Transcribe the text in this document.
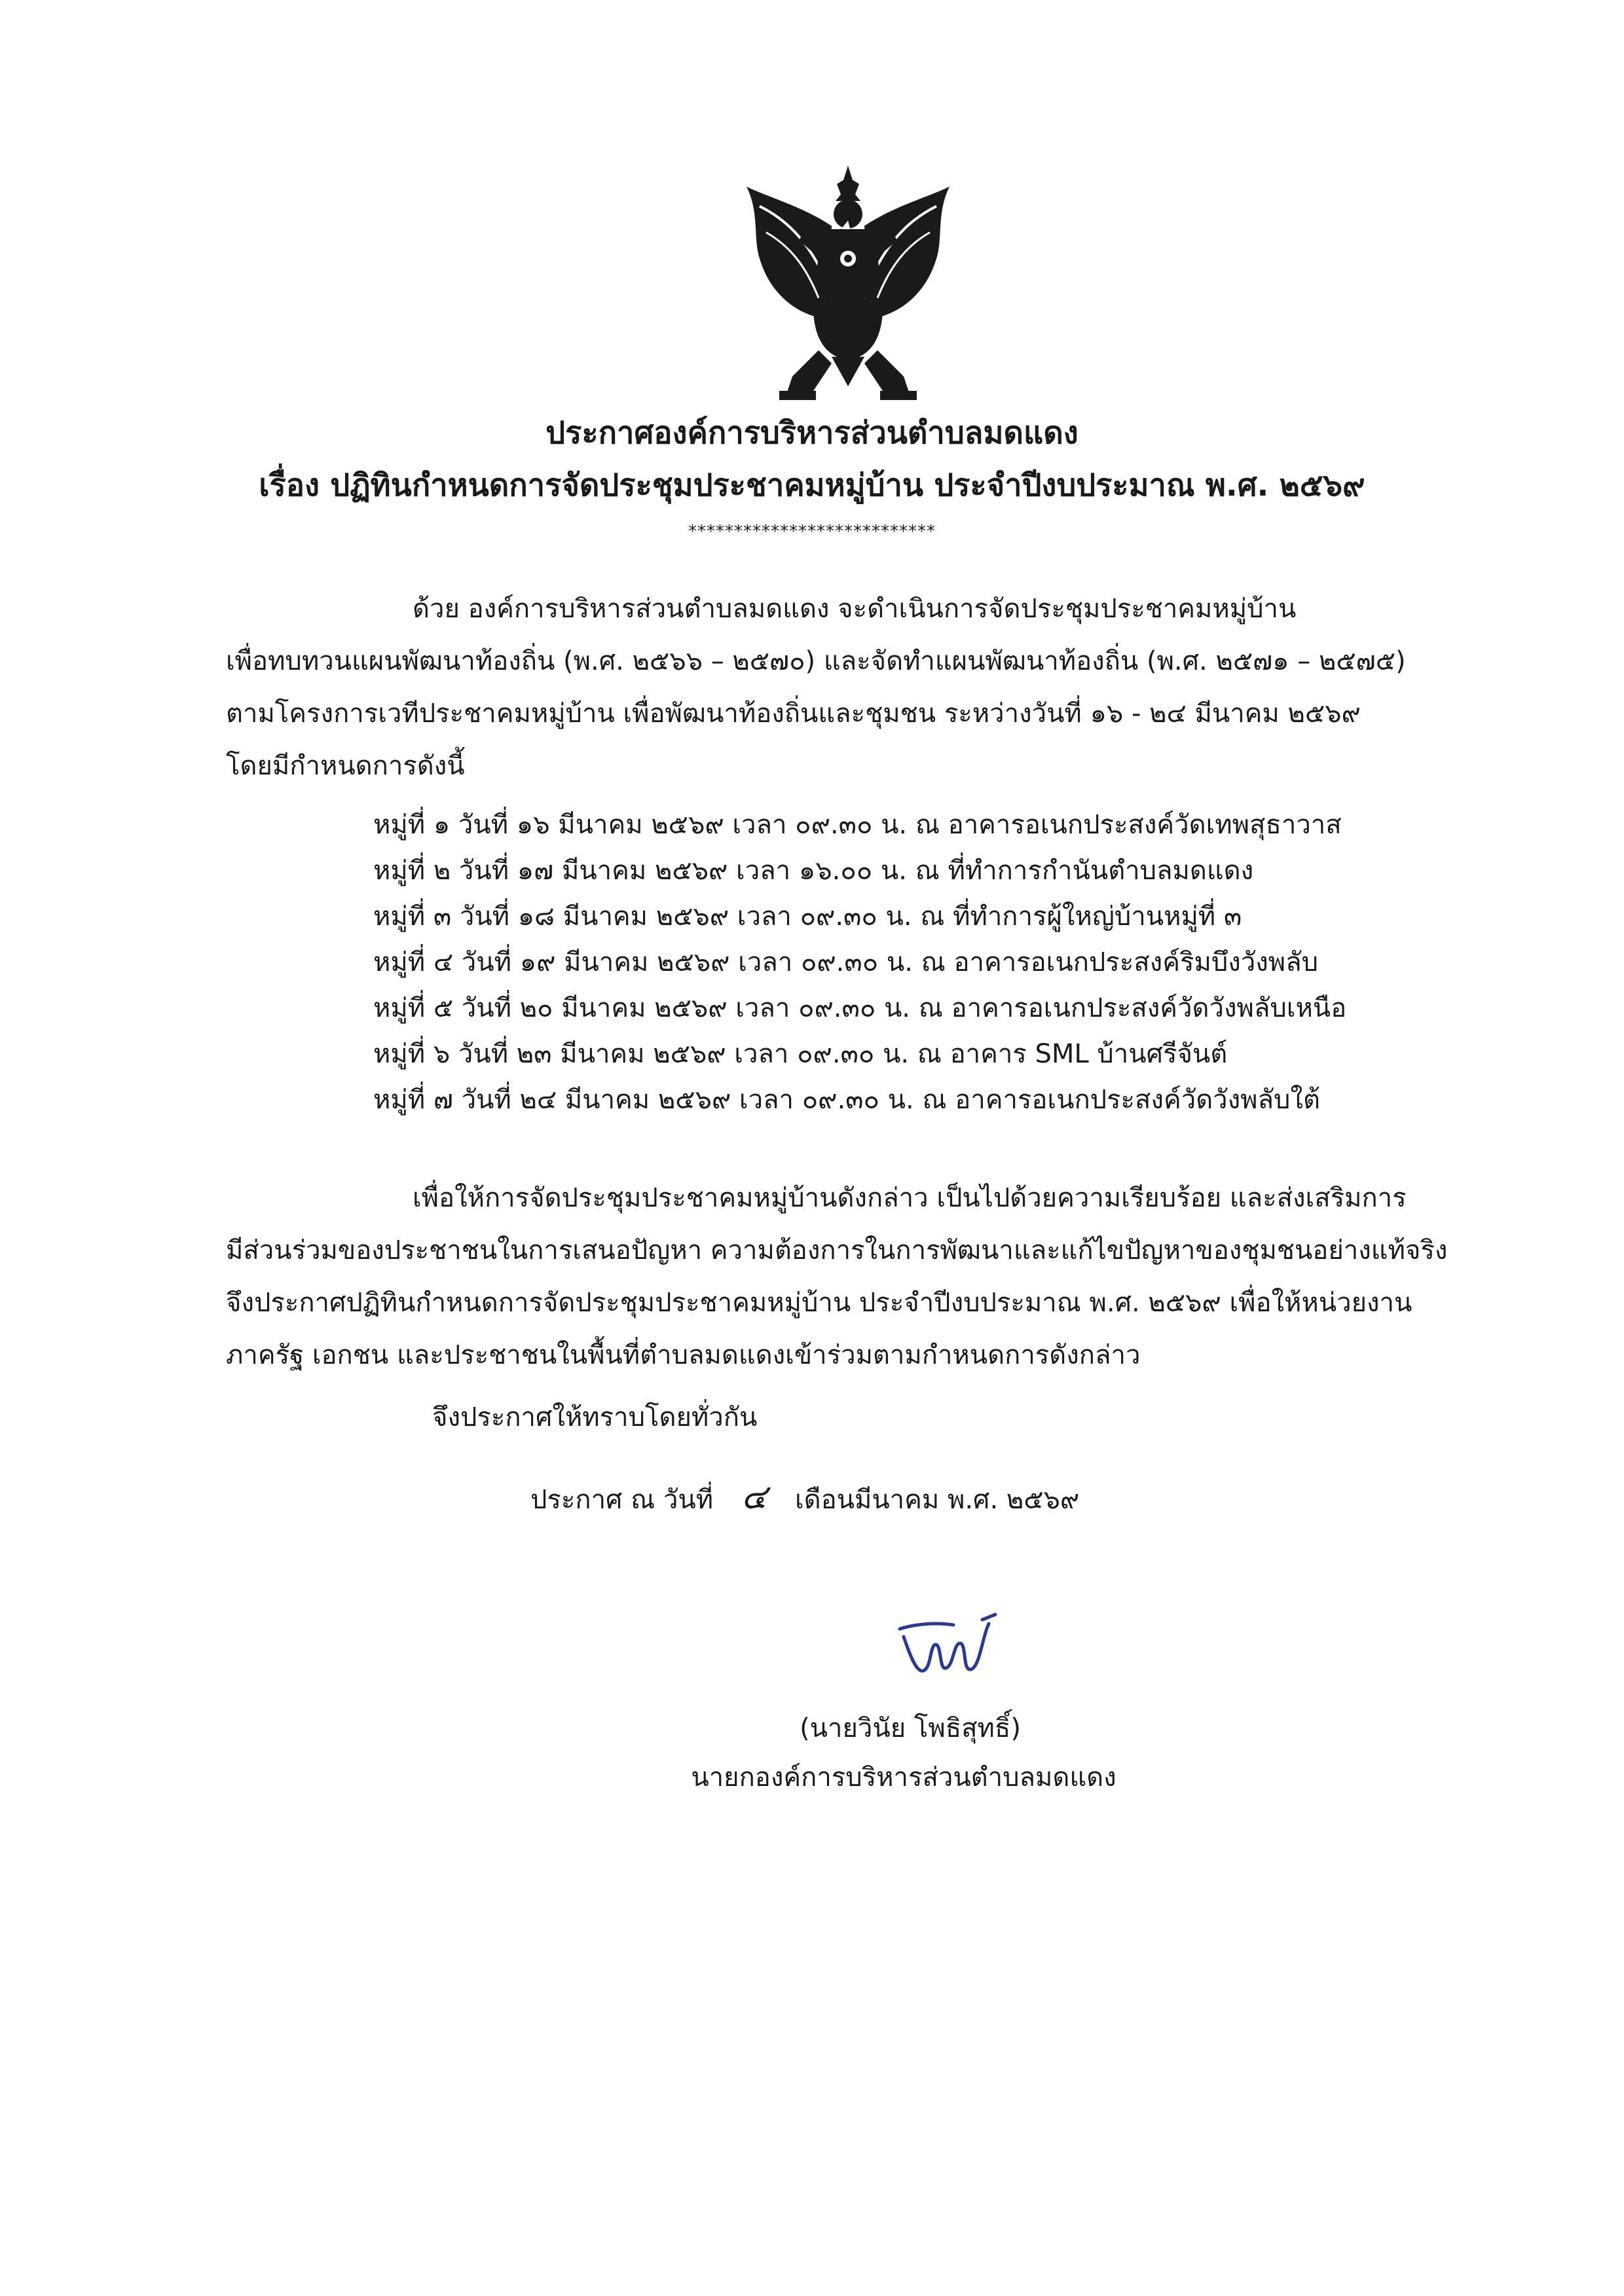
ประกาศองค์การบริหารส่วนตำบลมดแดง
เรื่อง ปฏิทินกำหนดการจัดประชุมประชาคมหมู่บ้าน ประจำปีงบประมาณ พ.ศ. ๒๕๖๙
***************************
ด้วย องค์การบริหารส่วนตำบลมดแดง จะดำเนินการจัดประชุมประชาคมหมู่บ้าน
เพื่อทบทวนแผนพัฒนาท้องถิ่น (พ.ศ. ๒๕๖๖ – ๒๕๗๐) และจัดทำแผนพัฒนาท้องถิ่น (พ.ศ. ๒๕๗๑ – ๒๕๗๕)
ตามโครงการเวทีประชาคมหมู่บ้าน เพื่อพัฒนาท้องถิ่นและชุมชน ระหว่างวันที่ ๑๖ - ๒๔ มีนาคม ๒๕๖๙
โดยมีกำหนดการดังนี้
หมู่ที่ ๑ วันที่ ๑๖ มีนาคม ๒๕๖๙ เวลา ๐๙.๓๐ น. ณ อาคารอเนกประสงค์วัดเทพสุธาวาส
หมู่ที่ ๒ วันที่ ๑๗ มีนาคม ๒๕๖๙ เวลา ๑๖.๐๐ น. ณ ที่ทำการกำนันตำบลมดแดง
หมู่ที่ ๓ วันที่ ๑๘ มีนาคม ๒๕๖๙ เวลา ๐๙.๓๐ น. ณ ที่ทำการผู้ใหญ่บ้านหมู่ที่ ๓
หมู่ที่ ๔ วันที่ ๑๙ มีนาคม ๒๕๖๙ เวลา ๐๙.๓๐ น. ณ อาคารอเนกประสงค์ริมบึงวังพลับ
หมู่ที่ ๕ วันที่ ๒๐ มีนาคม ๒๕๖๙ เวลา ๐๙.๓๐ น. ณ อาคารอเนกประสงค์วัดวังพลับเหนือ
หมู่ที่ ๖ วันที่ ๒๓ มีนาคม ๒๕๖๙ เวลา ๐๙.๓๐ น. ณ อาคาร SML บ้านศรีจันต์
หมู่ที่ ๗ วันที่ ๒๔ มีนาคม ๒๕๖๙ เวลา ๐๙.๓๐ น. ณ อาคารอเนกประสงค์วัดวังพลับใต้
เพื่อให้การจัดประชุมประชาคมหมู่บ้านดังกล่าว เป็นไปด้วยความเรียบร้อย และส่งเสริมการ
มีส่วนร่วมของประชาชนในการเสนอปัญหา ความต้องการในการพัฒนาและแก้ไขปัญหาของชุมชนอย่างแท้จริง
จึงประกาศปฏิทินกำหนดการจัดประชุมประชาคมหมู่บ้าน ประจำปีงบประมาณ พ.ศ. ๒๕๖๙ เพื่อให้หน่วยงาน
ภาครัฐ เอกชน และประชาชนในพื้นที่ตำบลมดแดงเข้าร่วมตามกำหนดการดังกล่าว
จึงประกาศให้ทราบโดยทั่วกัน
ประกาศ ณ วันที่ ๔ เดือนมีนาคม พ.ศ. ๒๕๖๙
(นายวินัย โพธิสุทธิ์)
นายกองค์การบริหารส่วนตำบลมดแดง
